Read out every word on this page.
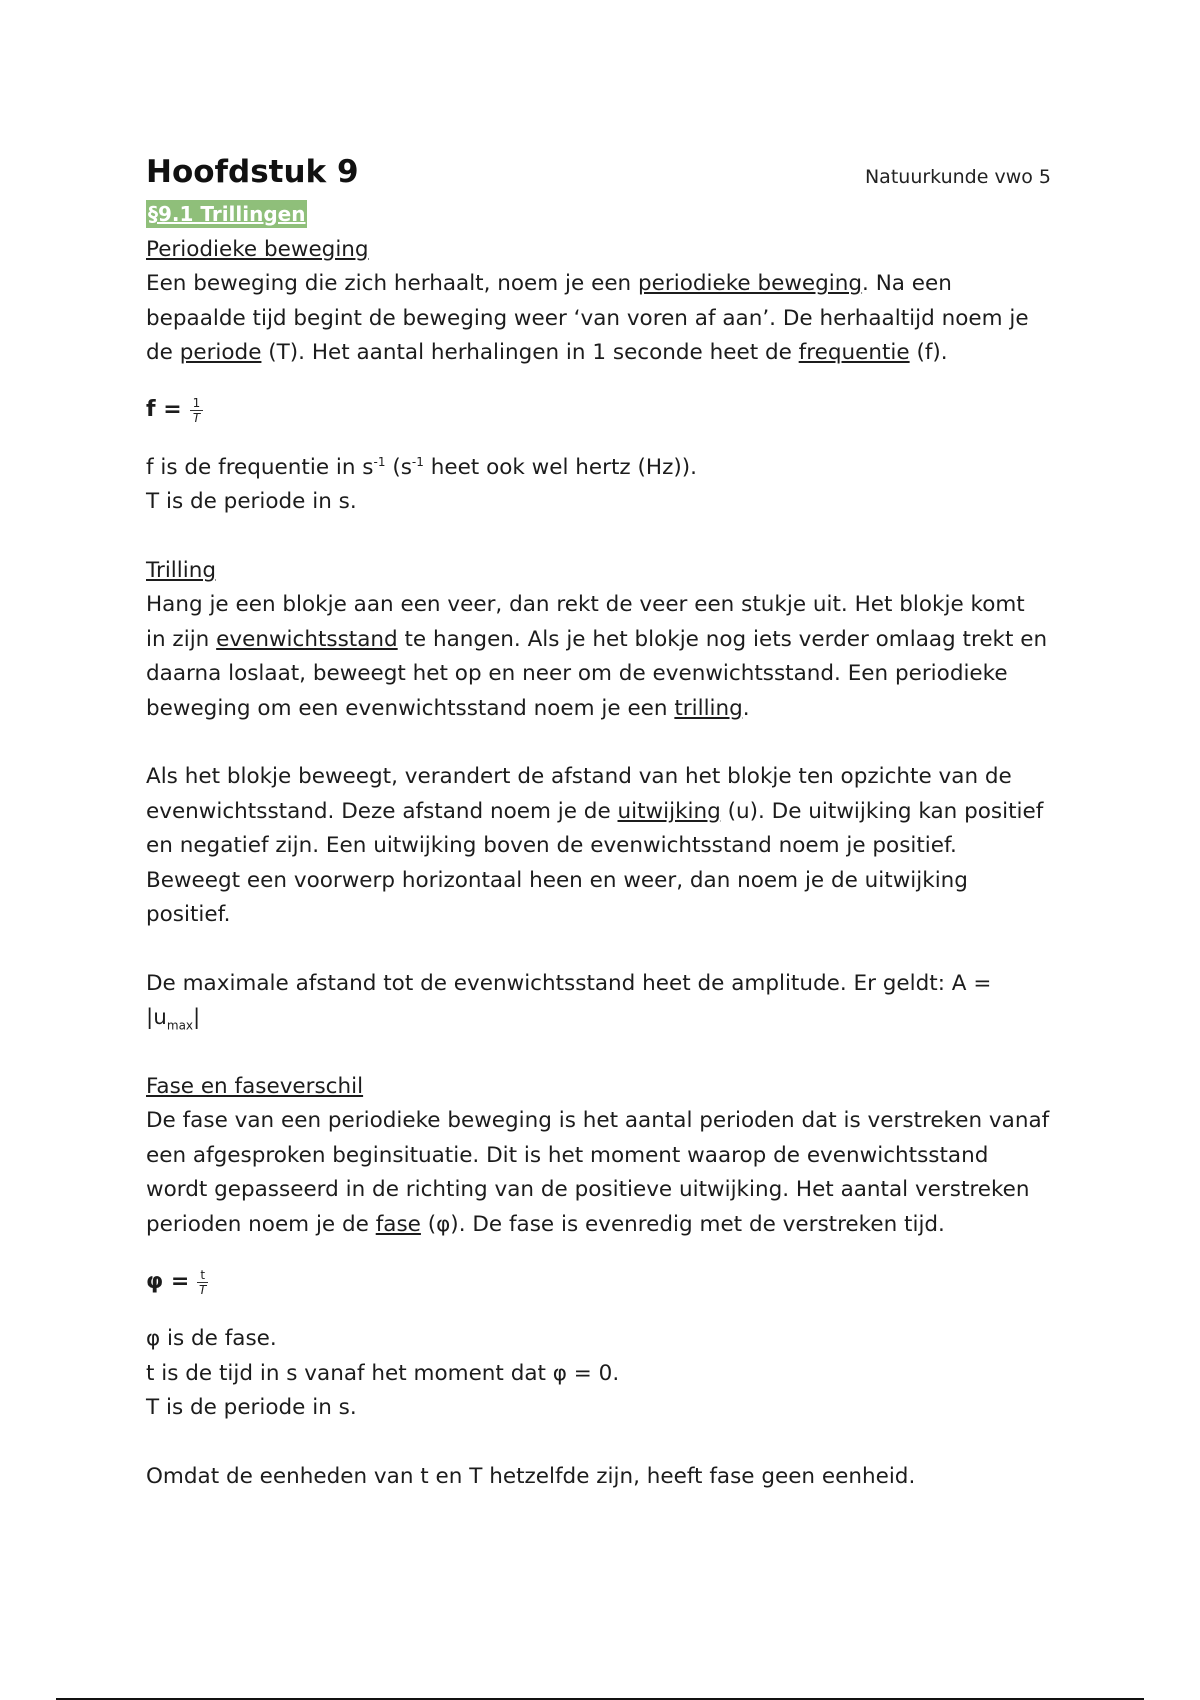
Hoofdstuk 9	Natuurkunde vwo 5
§9.1 Trillingen

Periodieke beweging

Een beweging die zich herhaalt, noem je een periodieke beweging. Na een bepaalde tijd begint de beweging weer ‘van voren af aan’. De herhaaltijd noem je de periode (T). Het aantal herhalingen in 1 seconde heet de frequentie (f).

$f = \frac{1}{T}$

f is de frequentie in $s^{-1}$ ($s^{-1}$ heet ook wel hertz (Hz)).

T is de periode in s.

Trilling

Hang je een blokje aan een veer, dan rekt de veer een stukje uit. Het blokje komt in zijn evenwichtsstand te hangen. Als je het blokje nog iets verder omlaag trekt en daarna loslaat, beweegt het op en neer om de evenwichtsstand. Een periodieke beweging om een evenwichtsstand noem je een trilling.

Als het blokje beweegt, verandert de afstand van het blokje ten opzichte van de evenwichtsstand. Deze afstand noem je de uitwijking (u). De uitwijking kan positief en negatief zijn. Een uitwijking boven de evenwichtsstand noem je positief. Beweegt een voorwerp horizontaal heen en weer, dan noem je de uitwijking positief.

De maximale afstand tot de evenwichtsstand heet de amplitude. Er geldt: $A = |u_{max}|$

Fase en faseverschil

De fase van een periodieke beweging is het aantal perioden dat is verstreken vanaf een afgesproken beginsituatie. Dit is het moment waarop de evenwichtsstand wordt gepasseerd in de richting van de positieve uitwijking. Het aantal verstreken perioden noem je de fase (φ). De fase is evenredig met de verstreken tijd.

$\varphi = \frac{t}{T}$

φ is de fase.

t is de tijd in s vanaf het moment dat φ = 0.

T is de periode in s.

Omdat de eenheden van t en T hetzelfde zijn, heeft fase geen eenheid.
